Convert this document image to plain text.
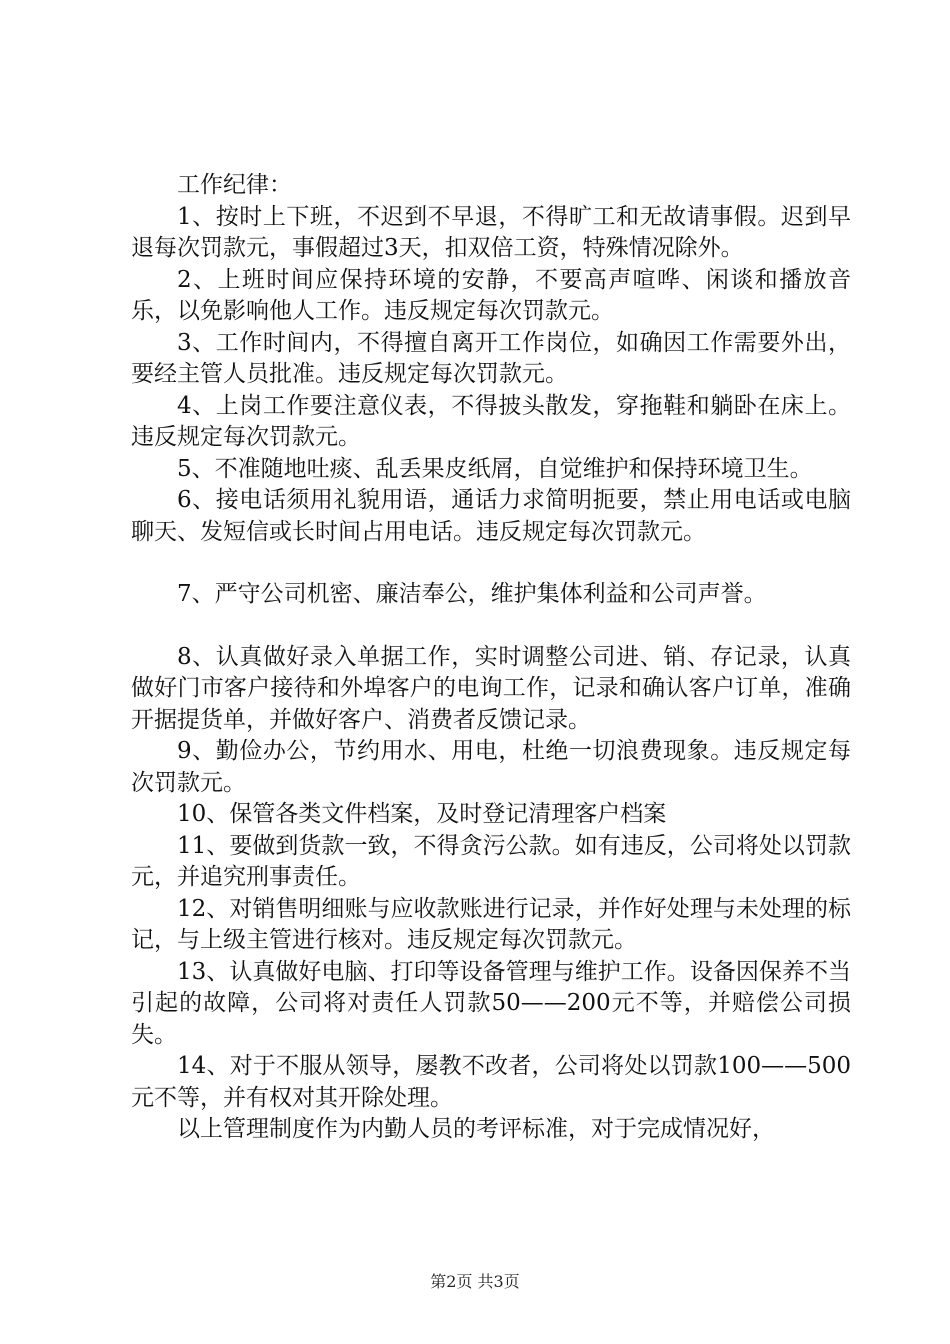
工作纪律：

1、按时上下班，不迟到不早退，不得旷工和无故请事假。迟到早退每次罚款元，事假超过3天，扣双倍工资，特殊情况除外。

2、上班时间应保持环境的安静，不要高声喧哗、闲谈和播放音乐，以免影响他人工作。违反规定每次罚款元。

3、工作时间内，不得擅自离开工作岗位，如确因工作需要外出，要经主管人员批准。违反规定每次罚款元。

4、上岗工作要注意仪表，不得披头散发，穿拖鞋和躺卧在床上。违反规定每次罚款元。

5、不准随地吐痰、乱丢果皮纸屑，自觉维护和保持环境卫生。

6、接电话须用礼貌用语，通话力求简明扼要，禁止用电话或电脑聊天、发短信或长时间占用电话。违反规定每次罚款元。

7、严守公司机密、廉洁奉公，维护集体利益和公司声誉。

8、认真做好录入单据工作，实时调整公司进、销、存记录，认真做好门市客户接待和外埠客户的电询工作，记录和确认客户订单，准确开据提货单，并做好客户、消费者反馈记录。

9、勤俭办公，节约用水、用电，杜绝一切浪费现象。违反规定每次罚款元。

10、保管各类文件档案，及时登记清理客户档案

11、要做到货款一致，不得贪污公款。如有违反，公司将处以罚款元，并追究刑事责任。

12、对销售明细账与应收款账进行记录，并作好处理与未处理的标记，与上级主管进行核对。违反规定每次罚款元。

13、认真做好电脑、打印等设备管理与维护工作。设备因保养不当引起的故障，公司将对责任人罚款50——200元不等，并赔偿公司损失。

14、对于不服从领导，屡教不改者，公司将处以罚款100——500元不等，并有权对其开除处理。

以上管理制度作为内勤人员的考评标准，对于完成情况好，

第2页 共3页
